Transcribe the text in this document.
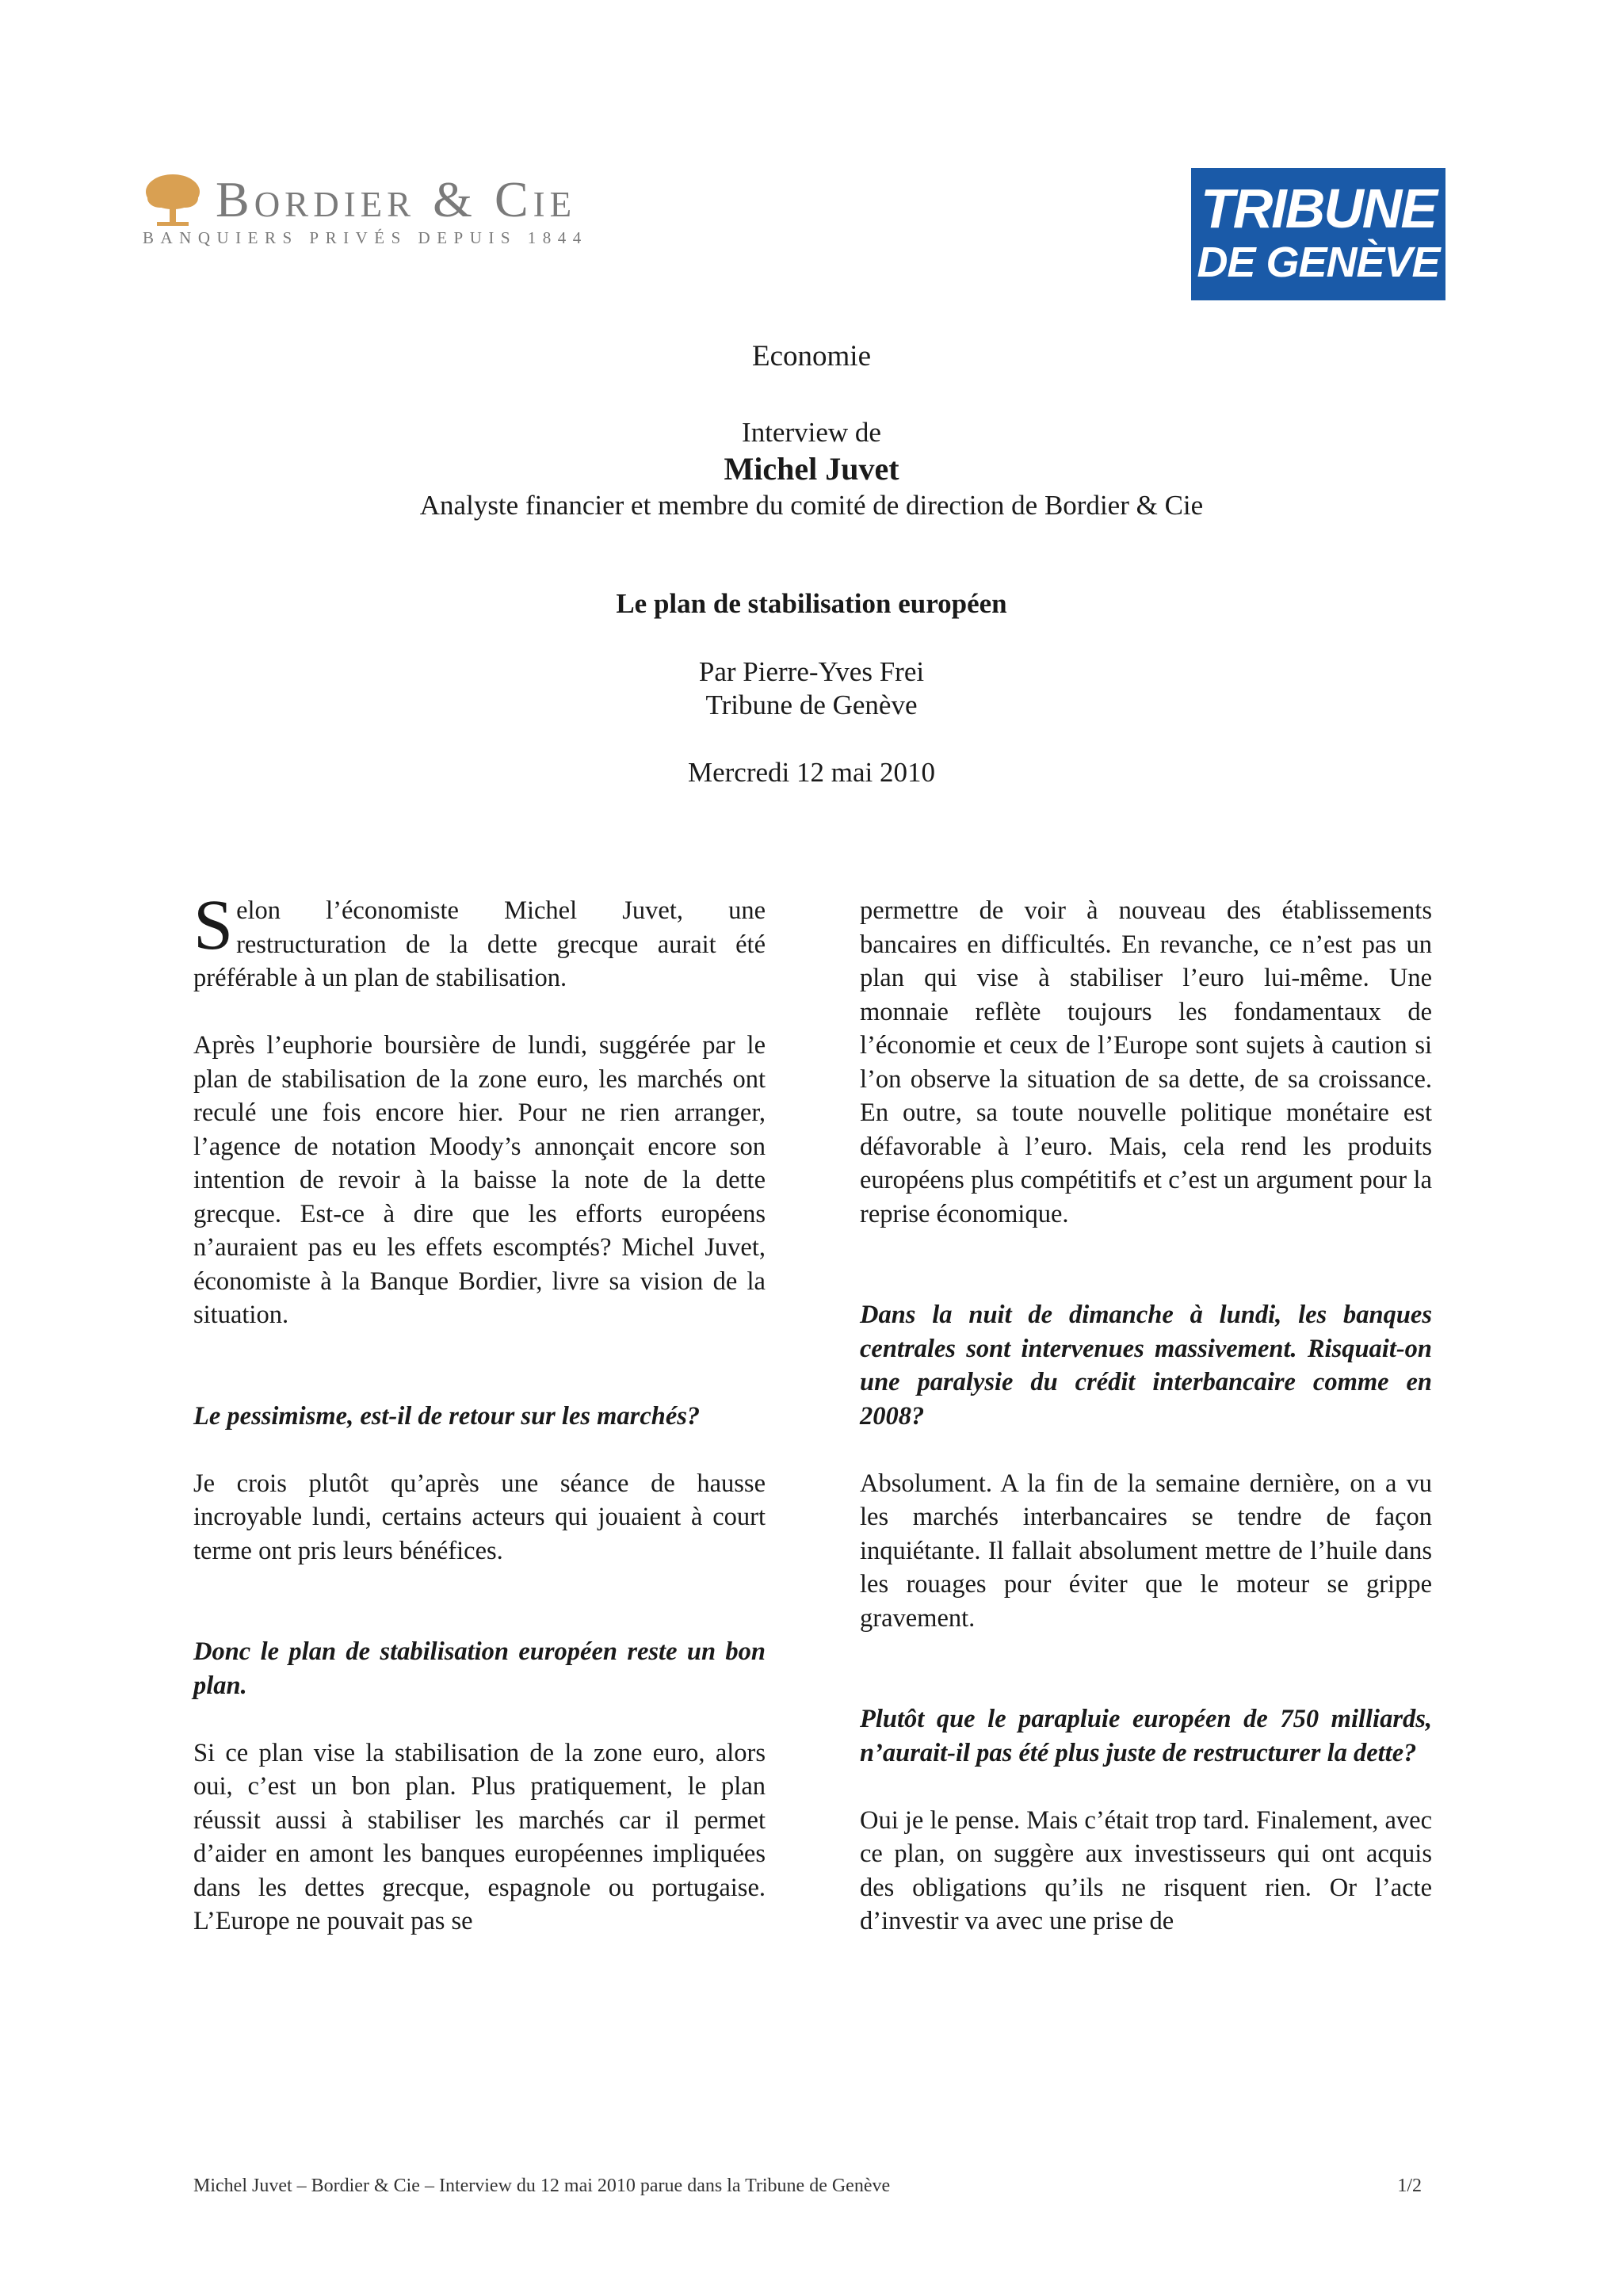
Bordier & Cie
BANQUIERS PRIVÉS DEPUIS 1844	TRIBUNE
DE GENÈVE
Economie
Interview de
Michel Juvet
Analyste financier et membre du comité de direction de Bordier & Cie
Le plan de stabilisation européen
Par Pierre-Yves Frei
Tribune de Genève
Mercredi 12 mai 2010

Selon l’économiste Michel Juvet, une restructuration de la dette grecque aurait été préférable à un plan de stabilisation.

Après l’euphorie boursière de lundi, suggérée par le plan de stabilisation de la zone euro, les marchés ont reculé une fois encore hier. Pour ne rien arranger, l’agence de notation Moody’s annonçait encore son intention de revoir à la baisse la note de la dette grecque. Est-ce à dire que les efforts européens n’auraient pas eu les effets escomptés? Michel Juvet, économiste à la Banque Bordier, livre sa vision de la situation.

Le pessimisme, est-il de retour sur les marchés?

Je crois plutôt qu’après une séance de hausse incroyable lundi, certains acteurs qui jouaient à court terme ont pris leurs bénéfices.

Donc le plan de stabilisation européen reste un bon plan.

Si ce plan vise la stabilisation de la zone euro, alors oui, c’est un bon plan. Plus pratiquement, le plan réussit aussi à stabiliser les marchés car il permet d’aider en amont les banques européennes impliquées dans les dettes grecque, espagnole ou portugaise. L’Europe ne pouvait pas se

permettre de voir à nouveau des établissements bancaires en difficultés. En revanche, ce n’est pas un plan qui vise à stabiliser l’euro lui-même. Une monnaie reflète toujours les fondamentaux de l’économie et ceux de l’Europe sont sujets à caution si l’on observe la situation de sa dette, de sa croissance. En outre, sa toute nouvelle politique monétaire est défavorable à l’euro. Mais, cela rend les produits européens plus compétitifs et c’est un argument pour la reprise économique.

Dans la nuit de dimanche à lundi, les banques centrales sont intervenues massivement. Risquait-on une paralysie du crédit interbancaire comme en 2008?

Absolument. A la fin de la semaine dernière, on a vu les marchés interbancaires se tendre de façon inquiétante. Il fallait absolument mettre de l’huile dans les rouages pour éviter que le moteur se grippe gravement.

Plutôt que le parapluie européen de 750 milliards, n’aurait-il pas été plus juste de restructurer la dette?

Oui je le pense. Mais c’était trop tard. Finalement, avec ce plan, on suggère aux investisseurs qui ont acquis des obligations qu’ils ne risquent rien. Or l’acte d’investir va avec une prise de

Michel Juvet – Bordier & Cie – Interview du 12 mai 2010 parue dans la Tribune de Genève	1/2
